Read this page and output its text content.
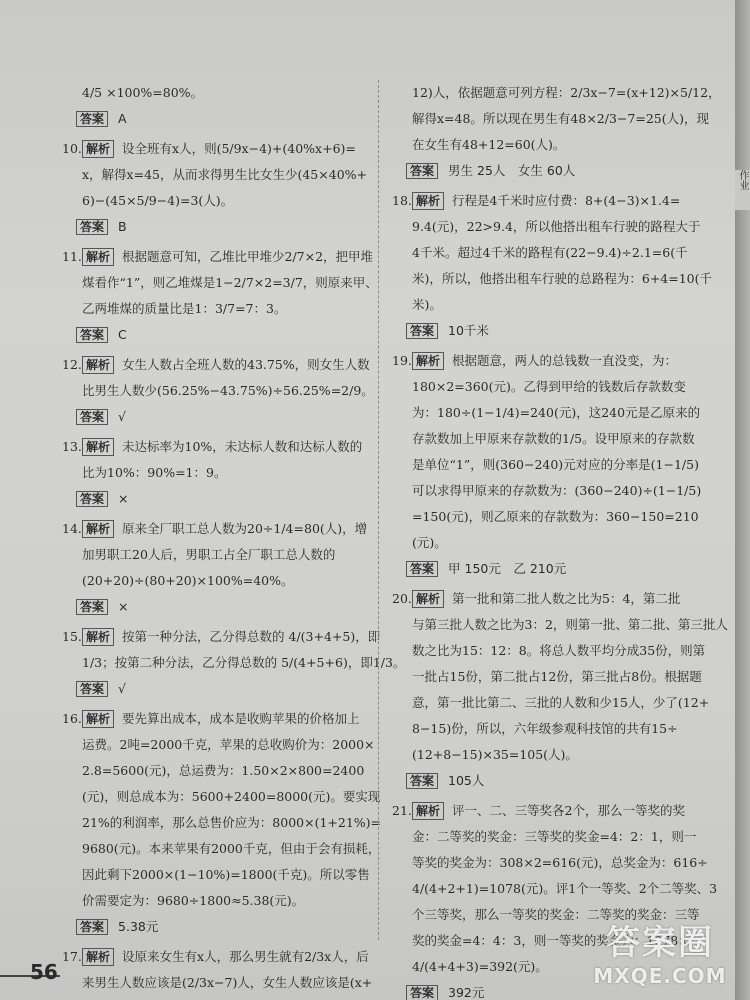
4/5 ×100%=80%。
答案 A
10. 解析 设全班有x人，则(5/9x−4)+(40%x+6)=
x，解得x=45，从而求得男生比女生少(45×40%+
6)−(45×5/9−4)=3(人)。
答案 B
11. 解析 根据题意可知，乙堆比甲堆少2/7×2，把甲堆
煤看作“1”，则乙堆煤是1−2/7×2=3/7，则原来甲、
乙两堆煤的质量比是1：3/7=7：3。
答案 C
12. 解析 女生人数占全班人数的43.75%，则女生人数
比男生人数少(56.25%−43.75%)÷56.25%=2/9。
答案 √
13. 解析 未达标率为10%，未达标人数和达标人数的
比为10%：90%=1：9。
答案 ×
14. 解析 原来全厂职工总人数为20÷1/4=80(人)，增
加男职工20人后，男职工占全厂职工总人数的
(20+20)÷(80+20)×100%=40%。
答案 ×
15. 解析 按第一种分法，乙分得总数的 4/(3+4+5)，即
1/3；按第二种分法，乙分得总数的 5/(4+5+6)，即1/3。
答案 √
16. 解析 要先算出成本，成本是收购苹果的价格加上
运费。2吨=2000千克，苹果的总收购价为：2000×
2.8=5600(元)，总运费为：1.50×2×800=2400
(元)，则总成本为：5600+2400=8000(元)。要实现
21%的利润率，那么总售价应为：8000×(1+21%)=
9680(元)。本来苹果有2000千克，但由于会有损耗，
因此剩下2000×(1−10%)=1800(千克)。所以零售
价需要定为：9680÷1800≈5.38(元)。
答案 5.38元
17. 解析 设原来女生有x人，那么男生就有2/3x人，后
来男生人数应该是(2/3x−7)人，女生人数应该是(x+
12)人，依据题意可列方程：2/3x−7=(x+12)×5/12，
解得x=48。所以现在男生有48×2/3−7=25(人)，现
在女生有48+12=60(人)。
答案 男生 25人　女生 60人
18. 解析 行程是4千米时应付费：8+(4−3)×1.4=
9.4(元)，22>9.4，所以他搭出租车行驶的路程大于
4千米。超过4千米的路程有(22−9.4)÷2.1=6(千
米)，所以，他搭出租车行驶的总路程为：6+4=10(千
米)。
答案 10千米
19. 解析 根据题意，两人的总钱数一直没变，为：
180×2=360(元)。乙得到甲给的钱数后存款数变
为：180÷(1−1/4)=240(元)，这240元是乙原来的
存款数加上甲原来存款数的1/5。设甲原来的存款数
是单位“1”，则(360−240)元对应的分率是(1−1/5)
可以求得甲原来的存款数为：(360−240)÷(1−1/5)
=150(元)，则乙原来的存款数为：360−150=210
(元)。
答案 甲 150元　乙 210元
20. 解析 第一批和第二批人数之比为5：4，第二批
与第三批人数之比为3：2，则第一批、第二批、第三批人
数之比为15：12：8。将总人数平均分成35份，则第
一批占15份，第二批占12份，第三批占8份。根据题
意，第一批比第二、三批的人数和少15人，少了(12+
8−15)份，所以，六年级参观科技馆的共有15÷
(12+8−15)×35=105(人)。
答案 105人
21. 解析 评一、二、三等奖各2个，那么一等奖的奖
金：二等奖的奖金：三等奖的奖金=4：2：1，则一
等奖的奖金为：308×2=616(元)，总奖金为：616÷
4/(4+2+1)=1078(元)。评1个一等奖、2个二等奖、3
个三等奖，那么一等奖的奖金：二等奖的奖金：三等
奖的奖金=4：4：3，则一等奖的奖金为：1078×
4/(4+4+3)=392(元)。
答案 392元
56
答案圈
MXQE.COM
作业
